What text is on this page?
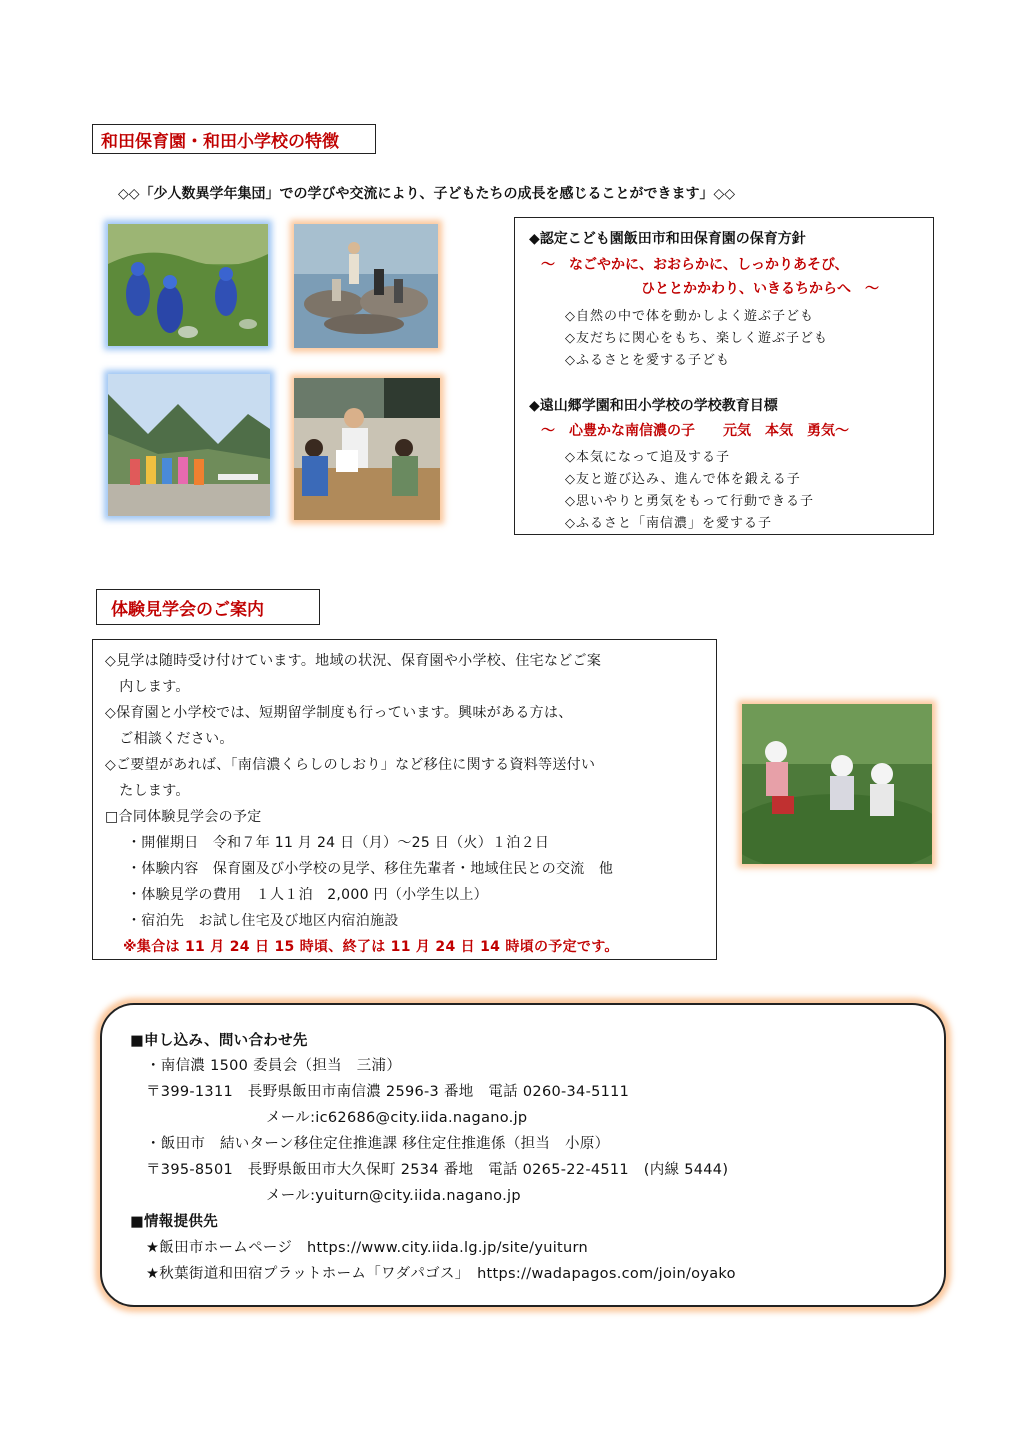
和田保育園・和田小学校の特徴
◇◇「少人数異学年集団」での学びや交流により、子どもたちの成長を感じることができます」◇◇
◆認定こども園飯田市和田保育園の保育方針
～　なごやかに、おおらかに、しっかりあそび、
ひととかかわり、いきるちからへ　～
◇自然の中で体を動かしよく遊ぶ子ども
◇友だちに関心をもち、楽しく遊ぶ子ども
◇ふるさとを愛する子ども
◆遠山郷学園和田小学校の学校教育目標
～　心豊かな南信濃の子　　元気　本気　勇気～
◇本気になって追及する子
◇友と遊び込み、進んで体を鍛える子
◇思いやりと勇気をもって行動できる子
◇ふるさと「南信濃」を愛する子
体験見学会のご案内
◇見学は随時受け付けています。地域の状況、保育園や小学校、住宅などご案
　内します。
◇保育園と小学校では、短期留学制度も行っています。興味がある方は、
　ご相談ください。
◇ご要望があれば、「南信濃くらしのしおり」など移住に関する資料等送付い
　たします。
□合同体験見学会の予定
・開催期日　令和７年 11 月 24 日（月）～25 日（火）１泊２日
・体験内容　保育園及び小学校の見学、移住先輩者・地域住民との交流　他
・体験見学の費用　１人１泊　2,000 円（小学生以上）
・宿泊先　お試し住宅及び地区内宿泊施設
※集合は 11 月 24 日 15 時頃、終了は 11 月 24 日 14 時頃の予定です。
■申し込み、問い合わせ先
・南信濃 1500 委員会（担当　三浦）
〒399-1311　長野県飯田市南信濃 2596-3 番地　電話 0260-34-5111
メール:ic62686@city.iida.nagano.jp
・飯田市　結いターン移住定住推進課 移住定住推進係（担当　小原）
〒395-8501　長野県飯田市大久保町 2534 番地　電話 0265-22-4511　(内線 5444)
メール:yuiturn@city.iida.nagano.jp
■情報提供先
★飯田市ホームページ　https://www.city.iida.lg.jp/site/yuiturn
★秋葉街道和田宿プラットホーム「ワダパゴス」　https://wadapagos.com/join/oyako
